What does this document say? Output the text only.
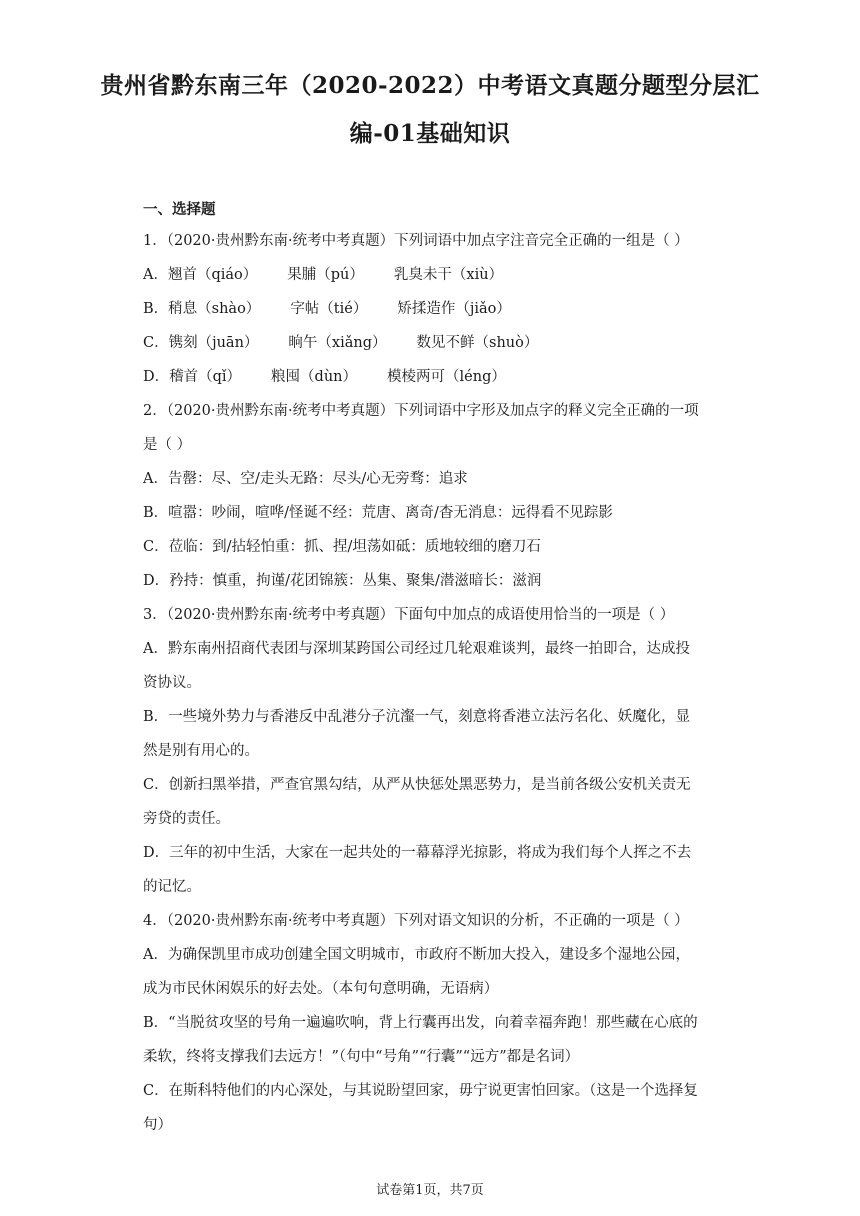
贵州省黔东南三年（2020-2022）中考语文真题分题型分层汇
编-01基础知识
一、选择题
1．（2020·贵州黔东南·统考中考真题）下列词语中加点字注音完全正确的一组是（ ）
A．翘首（qiáo） 果脯（pú） 乳臭未干（xiù）
B．稍息（shào） 字帖（tié） 矫揉造作（jiǎo）
C．镌刻（juān） 晌午（xiǎng） 数见不鲜（shuò）
D．稽首（qǐ） 粮囤（dùn） 模棱两可（léng）
2．（2020·贵州黔东南·统考中考真题）下列词语中字形及加点字的释义完全正确的一项
是（ ）
A．告罄：尽、空/走头无路：尽头/心无旁骛：追求
B．喧嚣：吵闹，喧哗/怪诞不经：荒唐、离奇/杳无消息：远得看不见踪影
C．莅临：到/拈轻怕重：抓、捏/坦荡如砥：质地较细的磨刀石
D．矜持：慎重，拘谨/花团锦簇：丛集、聚集/潜滋暗长：滋润
3．（2020·贵州黔东南·统考中考真题）下面句中加点的成语使用恰当的一项是（ ）
A．黔东南州招商代表团与深圳某跨国公司经过几轮艰难谈判，最终一拍即合，达成投
资协议。
B．一些境外势力与香港反中乱港分子沆瀣一气，刻意将香港立法污名化、妖魔化，显
然是别有用心的。
C．创新扫黑举措，严查官黑勾结，从严从快惩处黑恶势力，是当前各级公安机关责无
旁贷的责任。
D．三年的初中生活，大家在一起共处的一幕幕浮光掠影，将成为我们每个人挥之不去
的记忆。
4．（2020·贵州黔东南·统考中考真题）下列对语文知识的分析，不正确的一项是（ ）
A．为确保凯里市成功创建全国文明城市，市政府不断加大投入，建设多个湿地公园，
成为市民休闲娱乐的好去处。（本句句意明确，无语病）
B．“当脱贫攻坚的号角一遍遍吹响，背上行囊再出发，向着幸福奔跑！那些藏在心底的
柔软，终将支撑我们去远方！”（句中“号角”“行囊”“远方”都是名词）
C．在斯科特他们的内心深处，与其说盼望回家，毋宁说更害怕回家。（这是一个选择复
句）
试卷第1页，共7页
